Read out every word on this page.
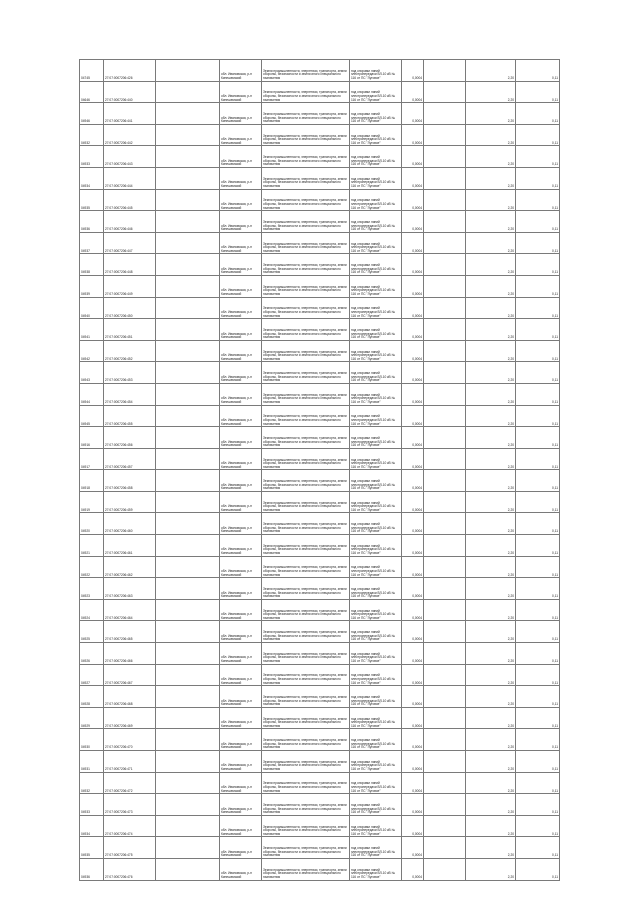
04745	27:07:0007206:426		обл. Ивановская, р-н Кинешемский	Земли промышленности, энергетики, транспорта, земли обороны, безопасности и земли иного специального назначения	под опорами линий электропередачи ВЛ-10 кВ № 116 от ПС "Луговое"	0,0004		2,20	0,11
04646	27:07:0007206:440		обл. Ивановская, р-н Кинешемский	Земли промышленности, энергетики, транспорта, земли обороны, безопасности и земли иного специального назначения	под опорами линий электропередачи ВЛ-10 кВ № 116 от ПС "Луговое"	0,0004		2,20	0,11
04946	27:07:0007206:441		обл. Ивановская, р-н Кинешемский	Земли промышленности, энергетики, транспорта, земли обороны, безопасности и земли иного специального назначения	под опорами линий электропередачи ВЛ-10 кВ № 116 от ПС "Луговое"	0,0004		2,20	0,11
04932	27:07:0007206:442		обл. Ивановская, р-н Кинешемский	Земли промышленности, энергетики, транспорта, земли обороны, безопасности и земли иного специального назначения	под опорами линий электропередачи ВЛ-10 кВ № 116 от ПС "Луговое"	0,0004		2,20	0,11
04933	27:07:0007206:443		обл. Ивановская, р-н Кинешемский	Земли промышленности, энергетики, транспорта, земли обороны, безопасности и земли иного специального назначения	под опорами линий электропередачи ВЛ-10 кВ № 116 от ПС "Луговое"	0,0004		2,20	0,11
04934	27:07:0007206:444		обл. Ивановская, р-н Кинешемский	Земли промышленности, энергетики, транспорта, земли обороны, безопасности и земли иного специального назначения	под опорами линий электропередачи ВЛ-10 кВ № 116 от ПС "Луговое"	0,0004		2,20	0,11
04935	27:07:0007206:445		обл. Ивановская, р-н Кинешемский	Земли промышленности, энергетики, транспорта, земли обороны, безопасности и земли иного специального назначения	под опорами линий электропередачи ВЛ-10 кВ № 116 от ПС "Луговое"	0,0004		2,20	0,11
04936	27:07:0007206:446		обл. Ивановская, р-н Кинешемский	Земли промышленности, энергетики, транспорта, земли обороны, безопасности и земли иного специального назначения	под опорами линий электропередачи ВЛ-10 кВ № 116 от ПС "Луговое"	0,0004		2,20	0,11
04937	27:07:0007206:447		обл. Ивановская, р-н Кинешемский	Земли промышленности, энергетики, транспорта, земли обороны, безопасности и земли иного специального назначения	под опорами линий электропередачи ВЛ-10 кВ № 116 от ПС "Луговое"	0,0004		2,20	0,11
04938	27:07:0007206:448		обл. Ивановская, р-н Кинешемский	Земли промышленности, энергетики, транспорта, земли обороны, безопасности и земли иного специального назначения	под опорами линий электропередачи ВЛ-10 кВ № 116 от ПС "Луговое"	0,0004		2,20	0,11
04939	27:07:0007206:449		обл. Ивановская, р-н Кинешемский	Земли промышленности, энергетики, транспорта, земли обороны, безопасности и земли иного специального назначения	под опорами линий электропередачи ВЛ-10 кВ № 116 от ПС "Луговое"	0,0004		2,20	0,11
04940	27:07:0007206:450		обл. Ивановская, р-н Кинешемский	Земли промышленности, энергетики, транспорта, земли обороны, безопасности и земли иного специального назначения	под опорами линий электропередачи ВЛ-10 кВ № 116 от ПС "Луговое"	0,0004		2,20	0,11
04941	27:07:0007206:451		обл. Ивановская, р-н Кинешемский	Земли промышленности, энергетики, транспорта, земли обороны, безопасности и земли иного специального назначения	под опорами линий электропередачи ВЛ-10 кВ № 116 от ПС "Луговое"	0,0004		2,20	0,11
04942	27:07:0007206:452		обл. Ивановская, р-н Кинешемский	Земли промышленности, энергетики, транспорта, земли обороны, безопасности и земли иного специального назначения	под опорами линий электропередачи ВЛ-10 кВ № 116 от ПС "Луговое"	0,0004		2,20	0,11
04943	27:07:0007206:453		обл. Ивановская, р-н Кинешемский	Земли промышленности, энергетики, транспорта, земли обороны, безопасности и земли иного специального назначения	под опорами линий электропередачи ВЛ-10 кВ № 116 от ПС "Луговое"	0,0004		2,20	0,11
04944	27:07:0007206:454		обл. Ивановская, р-н Кинешемский	Земли промышленности, энергетики, транспорта, земли обороны, безопасности и земли иного специального назначения	под опорами линий электропередачи ВЛ-10 кВ № 116 от ПС "Луговое"	0,0004		2,20	0,11
04945	27:07:0007206:455		обл. Ивановская, р-н Кинешемский	Земли промышленности, энергетики, транспорта, земли обороны, безопасности и земли иного специального назначения	под опорами линий электропередачи ВЛ-10 кВ № 116 от ПС "Луговое"	0,0004		2,20	0,11
04916	27:07:0007206:456		обл. Ивановская, р-н Кинешемский	Земли промышленности, энергетики, транспорта, земли обороны, безопасности и земли иного специального назначения	под опорами линий электропередачи ВЛ-10 кВ № 116 от ПС "Луговое"	0,0004		2,20	0,11
04917	27:07:0007206:457		обл. Ивановская, р-н Кинешемский	Земли промышленности, энергетики, транспорта, земли обороны, безопасности и земли иного специального назначения	под опорами линий электропередачи ВЛ-10 кВ № 116 от ПС "Луговое"	0,0004		2,20	0,11
04918	27:07:0007206:458		обл. Ивановская, р-н Кинешемский	Земли промышленности, энергетики, транспорта, земли обороны, безопасности и земли иного специального назначения	под опорами линий электропередачи ВЛ-10 кВ № 116 от ПС "Луговое"	0,0004		2,20	0,11
04919	27:07:0007206:459		обл. Ивановская, р-н Кинешемский	Земли промышленности, энергетики, транспорта, земли обороны, безопасности и земли иного специального назначения	под опорами линий электропередачи ВЛ-10 кВ № 116 от ПС "Луговое"	0,0004		2,20	0,11
04920	27:07:0007206:460		обл. Ивановская, р-н Кинешемский	Земли промышленности, энергетики, транспорта, земли обороны, безопасности и земли иного специального назначения	под опорами линий электропередачи ВЛ-10 кВ № 116 от ПС "Луговое"	0,0004		2,20	0,11
04921	27:07:0007206:461		обл. Ивановская, р-н Кинешемский	Земли промышленности, энергетики, транспорта, земли обороны, безопасности и земли иного специального назначения	под опорами линий электропередачи ВЛ-10 кВ № 116 от ПС "Луговое"	0,0004		2,20	0,11
04922	27:07:0007206:462		обл. Ивановская, р-н Кинешемский	Земли промышленности, энергетики, транспорта, земли обороны, безопасности и земли иного специального назначения	под опорами линий электропередачи ВЛ-10 кВ № 116 от ПС "Луговое"	0,0004		2,20	0,11
04923	27:07:0007206:463		обл. Ивановская, р-н Кинешемский	Земли промышленности, энергетики, транспорта, земли обороны, безопасности и земли иного специального назначения	под опорами линий электропередачи ВЛ-10 кВ № 116 от ПС "Луговое"	0,0004		2,20	0,11
04924	27:07:0007206:464		обл. Ивановская, р-н Кинешемский	Земли промышленности, энергетики, транспорта, земли обороны, безопасности и земли иного специального назначения	под опорами линий электропередачи ВЛ-10 кВ № 116 от ПС "Луговое"	0,0004		2,20	0,11
04925	27:07:0007206:465		обл. Ивановская, р-н Кинешемский	Земли промышленности, энергетики, транспорта, земли обороны, безопасности и земли иного специального назначения	под опорами линий электропередачи ВЛ-10 кВ № 116 от ПС "Луговое"	0,0004		2,20	0,11
04926	27:07:0007206:466		обл. Ивановская, р-н Кинешемский	Земли промышленности, энергетики, транспорта, земли обороны, безопасности и земли иного специального назначения	под опорами линий электропередачи ВЛ-10 кВ № 116 от ПС "Луговое"	0,0004		2,20	0,11
04927	27:07:0007206:467		обл. Ивановская, р-н Кинешемский	Земли промышленности, энергетики, транспорта, земли обороны, безопасности и земли иного специального назначения	под опорами линий электропередачи ВЛ-10 кВ № 116 от ПС "Луговое"	0,0004		2,20	0,11
04928	27:07:0007206:468		обл. Ивановская, р-н Кинешемский	Земли промышленности, энергетики, транспорта, земли обороны, безопасности и земли иного специального назначения	под опорами линий электропередачи ВЛ-10 кВ № 116 от ПС "Луговое"	0,0004		2,20	0,11
04929	27:07:0007206:469		обл. Ивановская, р-н Кинешемский	Земли промышленности, энергетики, транспорта, земли обороны, безопасности и земли иного специального назначения	под опорами линий электропередачи ВЛ-10 кВ № 116 от ПС "Луговое"	0,0004		2,20	0,11
04930	27:07:0007206:470		обл. Ивановская, р-н Кинешемский	Земли промышленности, энергетики, транспорта, земли обороны, безопасности и земли иного специального назначения	под опорами линий электропередачи ВЛ-10 кВ № 116 от ПС "Луговое"	0,0004		2,20	0,11
04931	27:07:0007206:471		обл. Ивановская, р-н Кинешемский	Земли промышленности, энергетики, транспорта, земли обороны, безопасности и земли иного специального назначения	под опорами линий электропередачи ВЛ-10 кВ № 116 от ПС "Луговое"	0,0004		2,20	0,11
04932	27:07:0007206:472		обл. Ивановская, р-н Кинешемский	Земли промышленности, энергетики, транспорта, земли обороны, безопасности и земли иного специального назначения	под опорами линий электропередачи ВЛ-10 кВ № 116 от ПС "Луговое"	0,0004		2,20	0,11
04933	27:07:0007206:473		обл. Ивановская, р-н Кинешемский	Земли промышленности, энергетики, транспорта, земли обороны, безопасности и земли иного специального назначения	под опорами линий электропередачи ВЛ-10 кВ № 116 от ПС "Луговое"	0,0004		2,20	0,11
04934	27:07:0007206:474		обл. Ивановская, р-н Кинешемский	Земли промышленности, энергетики, транспорта, земли обороны, безопасности и земли иного специального назначения	под опорами линий электропередачи ВЛ-10 кВ № 116 от ПС "Луговое"	0,0004		2,20	0,11
04935	27:07:0007206:475		обл. Ивановская, р-н Кинешемский	Земли промышленности, энергетики, транспорта, земли обороны, безопасности и земли иного специального назначения	под опорами линий электропередачи ВЛ-10 кВ № 116 от ПС "Луговое"	0,0004		2,20	0,11
04936	27:07:0007206:476		обл. Ивановская, р-н Кинешемский	Земли промышленности, энергетики, транспорта, земли обороны, безопасности и земли иного специального назначения	под опорами линий электропередачи ВЛ-10 кВ № 116 от ПС "Луговое"	0,0004		2,20	0,11
